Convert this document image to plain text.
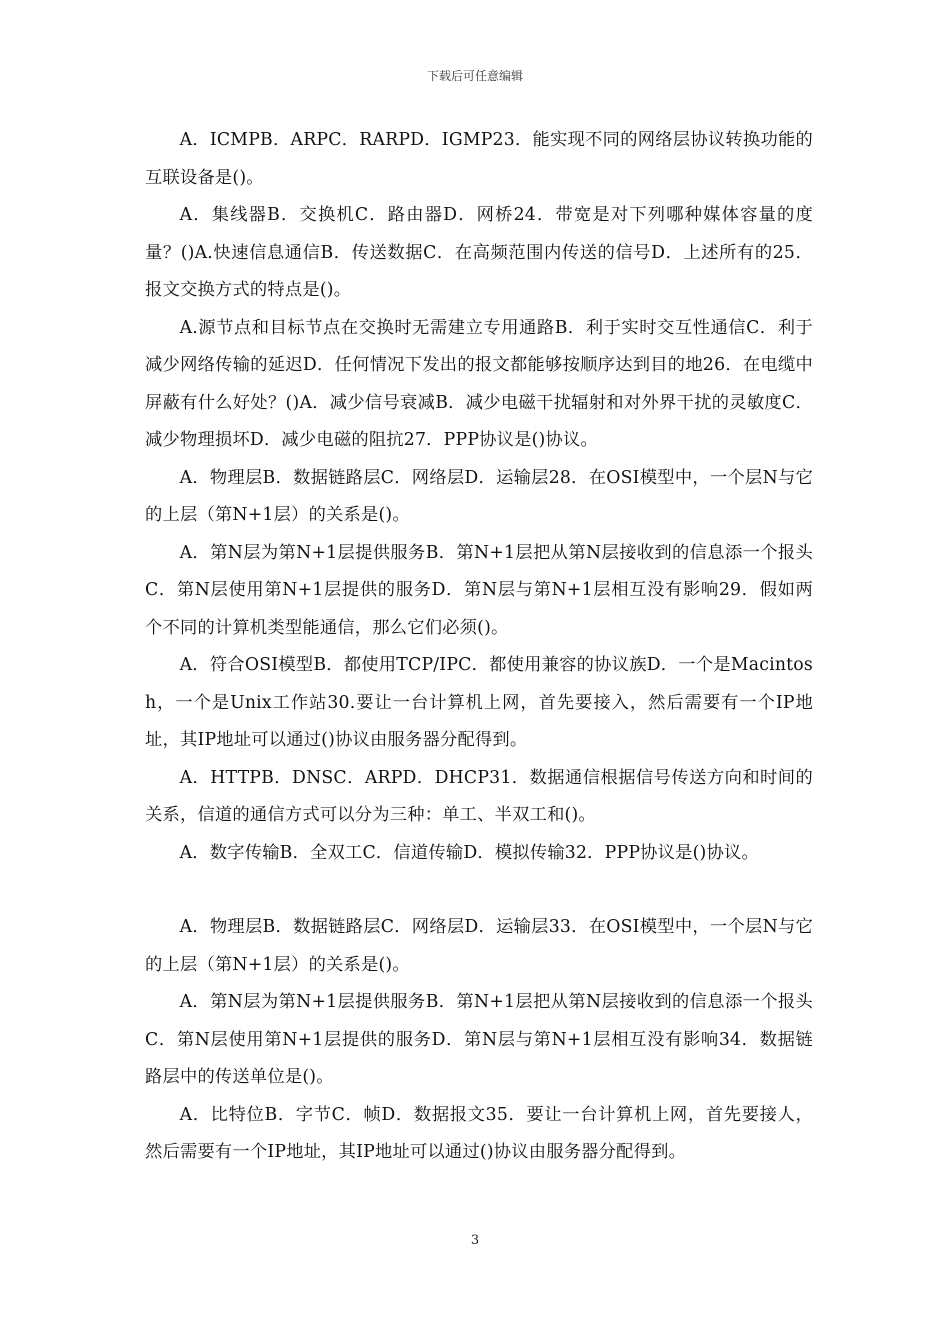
下载后可任意编辑

A．ICMPB．ARPC．RARPD．IGMP23．能实现不同的网络层协议转换功能的互联设备是()。

A．集线器B．交换机C．路由器D．网桥24．带宽是对下列哪种媒体容量的度量？()A.快速信息通信B．传送数据C．在高频范围内传送的信号D．上述所有的25．报文交换方式的特点是()。

A.源节点和目标节点在交换时无需建立专用通路B．利于实时交互性通信C．利于减少网络传输的延迟D．任何情况下发出的报文都能够按顺序达到目的地26．在电缆中屏蔽有什么好处？()A．减少信号衰减B．减少电磁干扰辐射和对外界干扰的灵敏度C．减少物理损坏D．减少电磁的阻抗27．PPP协议是()协议。

A．物理层B．数据链路层C．网络层D．运输层28．在OSI模型中，一个层N与它的上层（第N+1层）的关系是()。

A．第N层为第N+1层提供服务B．第N+1层把从第N层接收到的信息添一个报头C．第N层使用第N+1层提供的服务D．第N层与第N+1层相互没有影响29．假如两个不同的计算机类型能通信，那么它们必须()。

A．符合OSI模型B．都使用TCP/IPC．都使用兼容的协议族D．一个是Macintosh，一个是Unix工作站30.要让一台计算机上网，首先要接入，然后需要有一个IP地址，其IP地址可以通过()协议由服务器分配得到。

A．HTTPB．DNSC．ARPD．DHCP31．数据通信根据信号传送方向和时间的关系，信道的通信方式可以分为三种：单工、半双工和()。

A．数字传输B．全双工C．信道传输D．模拟传输32．PPP协议是()协议。

A．物理层B．数据链路层C．网络层D．运输层33．在OSI模型中，一个层N与它的上层（第N+1层）的关系是()。

A．第N层为第N+1层提供服务B．第N+1层把从第N层接收到的信息添一个报头C．第N层使用第N+1层提供的服务D．第N层与第N+1层相互没有影响34．数据链路层中的传送单位是()。

A．比特位B．字节C．帧D．数据报文35．要让一台计算机上网，首先要接人，然后需要有一个IP地址，其IP地址可以通过()协议由服务器分配得到。

3
